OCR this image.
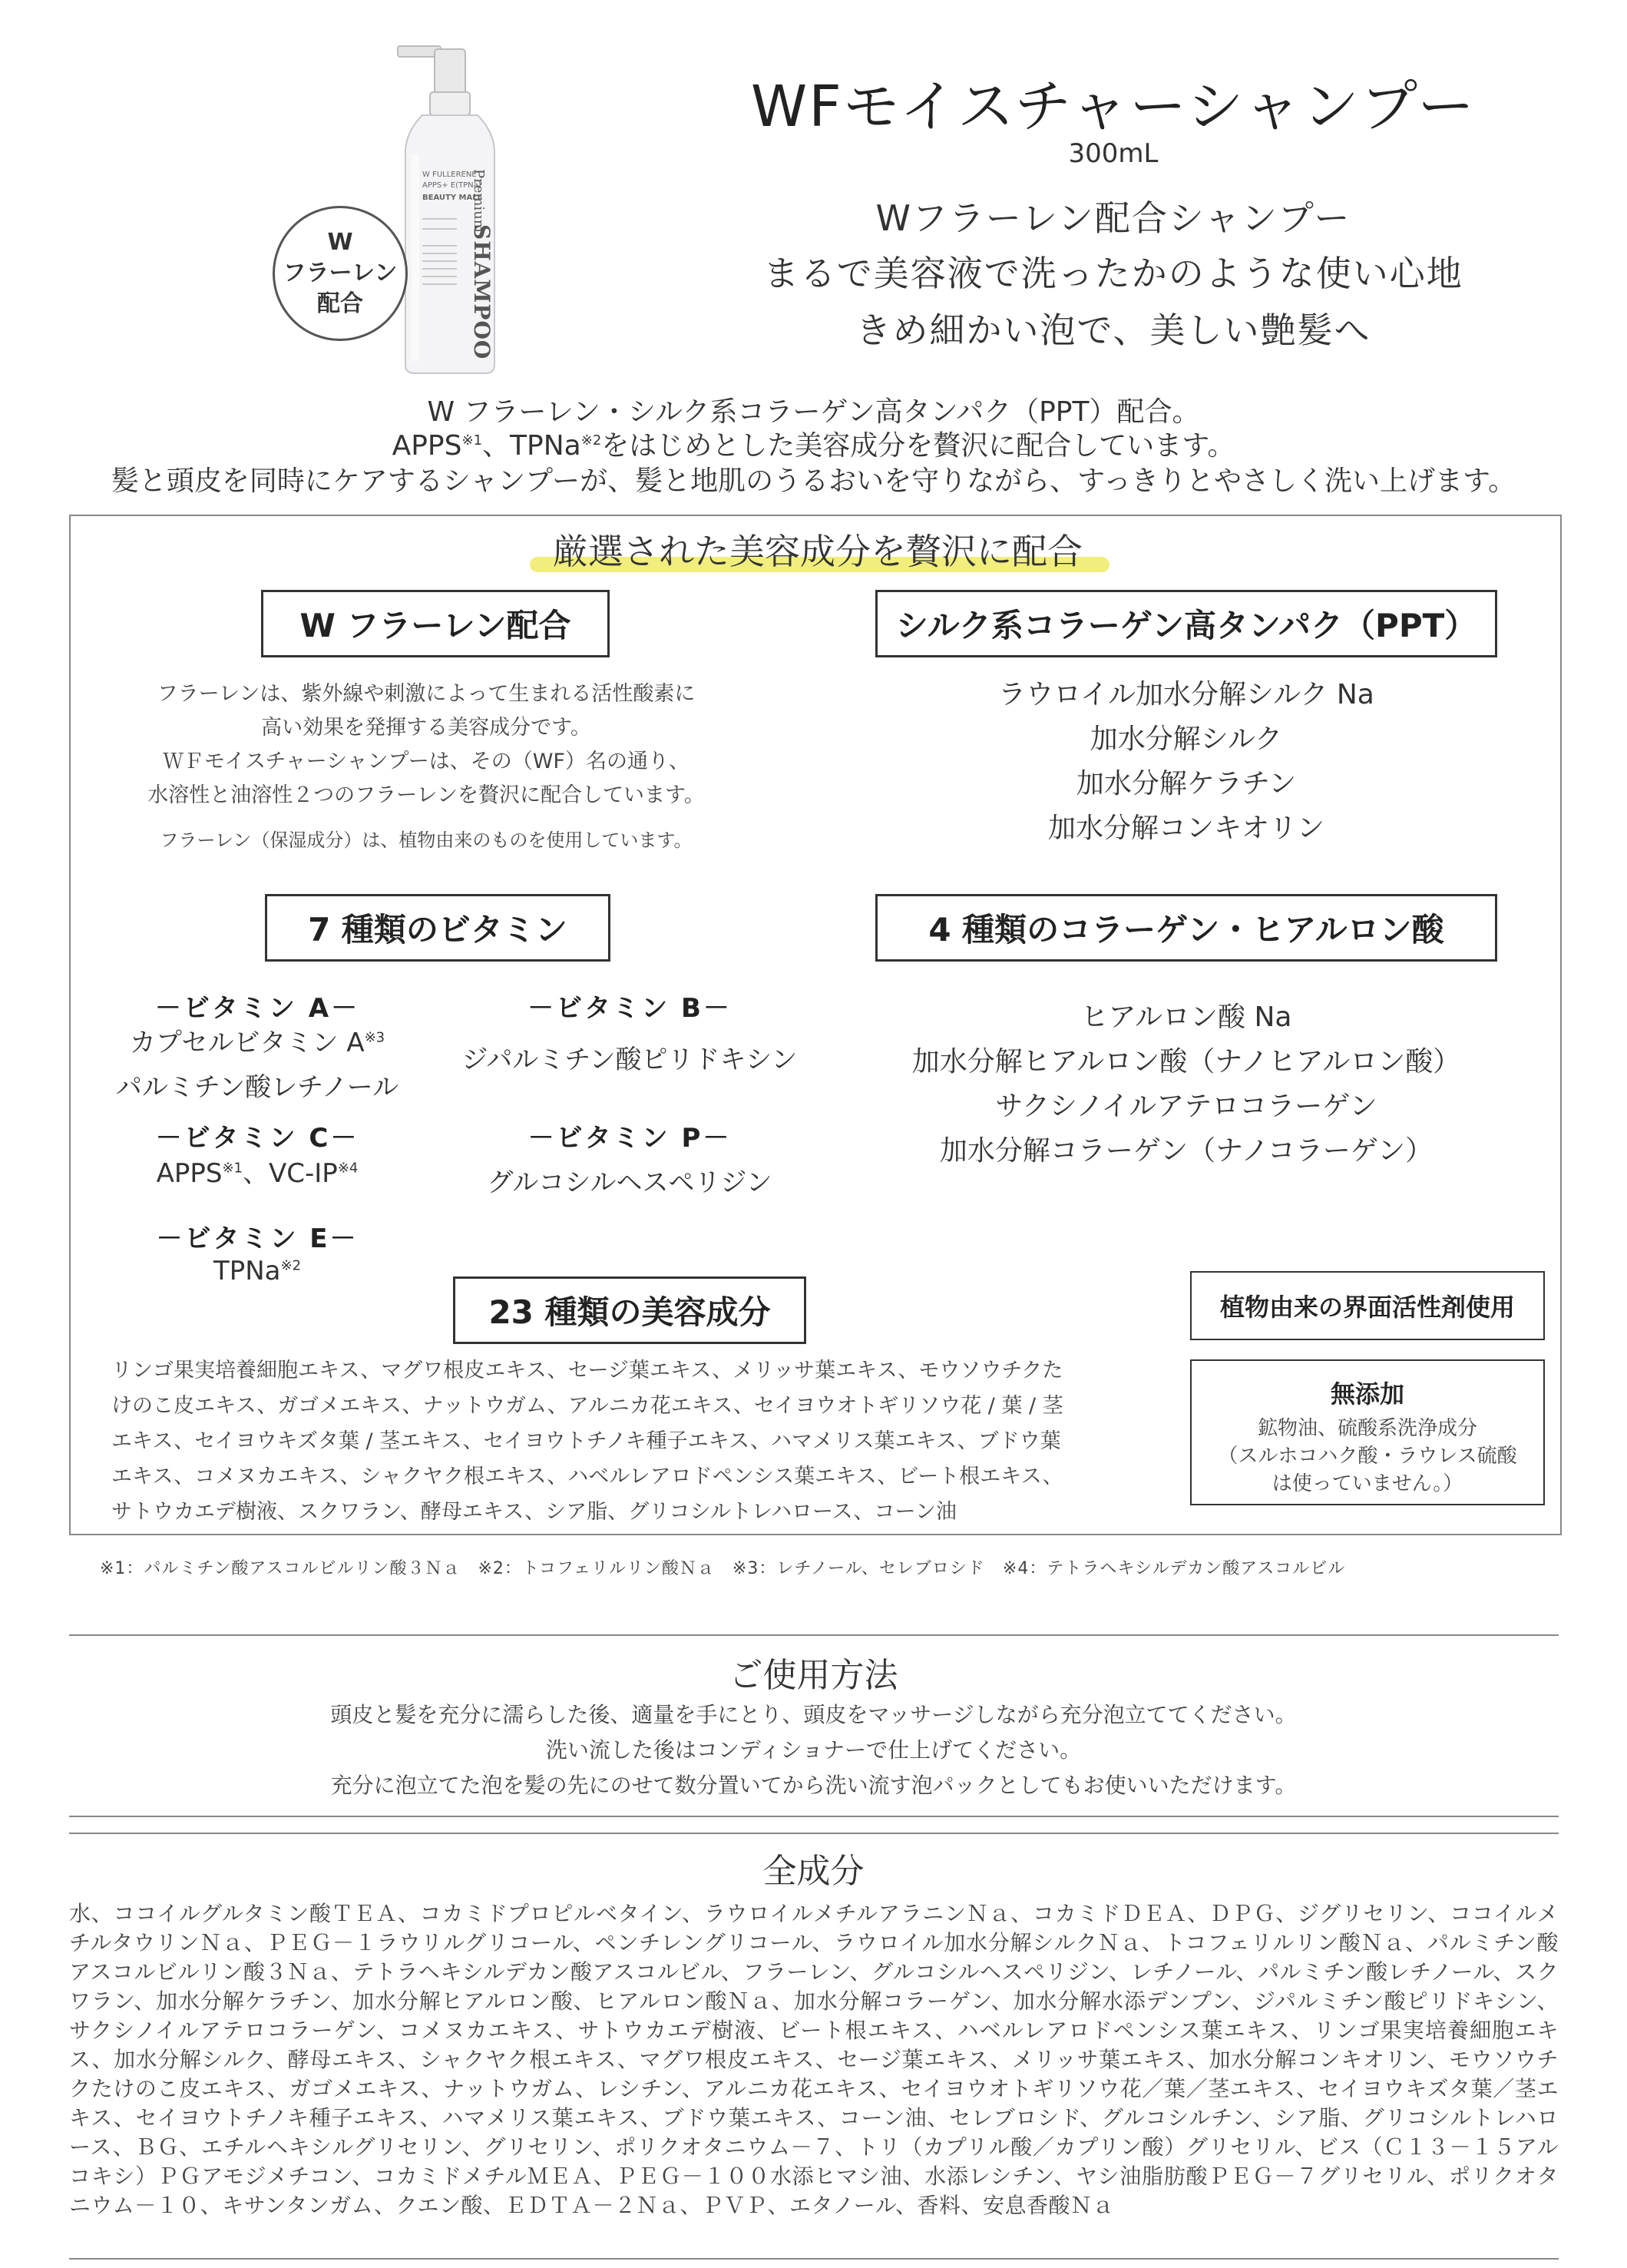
Premium
SHAMPOO
W FULLERENE
APPS+ E(TPNa)
BEAUTY MALL
W
フラーレン
配合
WFモイスチャーシャンプー
300mL
Wフラーレン配合シャンプー
まるで美容液で洗ったかのような使い心地
きめ細かい泡で、美しい艶髪へ
W フラーレン・シルク系コラーゲン高タンパク（PPT）配合。
APPS$^{※1}$、TPNa$^{※2}$をはじめとした美容成分を贅沢に配合しています。
髪と頭皮を同時にケアするシャンプーが、髪と地肌のうるおいを守りながら、すっきりとやさしく洗い上げます。
厳選された美容成分を贅沢に配合
W フラーレン配合
フラーレンは、紫外線や刺激によって生まれる活性酸素に
高い効果を発揮する美容成分です。
ＷＦモイスチャーシャンプーは、その（WF）名の通り、
水溶性と油溶性２つのフラーレンを贅沢に配合しています。
フラーレン（保湿成分）は、植物由来のものを使用しています。
シルク系コラーゲン高タンパク（PPT）
ラウロイル加水分解シルク Na
加水分解シルク
加水分解ケラチン
加水分解コンキオリン
7 種類のビタミン
－ビタミン A－
カプセルビタミン A$^{※3}$
パルミチン酸レチノール
－ビタミン B－
ジパルミチン酸ピリドキシン
－ビタミン C－
APPS$^{※1}$、VC-IP$^{※4}$
－ビタミン P－
グルコシルヘスペリジン
－ビタミン E－
TPNa$^{※2}$
4 種類のコラーゲン・ヒアルロン酸
ヒアルロン酸 Na
加水分解ヒアルロン酸（ナノヒアルロン酸）
サクシノイルアテロコラーゲン
加水分解コラーゲン（ナノコラーゲン）
23 種類の美容成分
リンゴ果実培養細胞エキス、マグワ根皮エキス、セージ葉エキス、メリッサ葉エキス、モウソウチクた
けのこ皮エキス、ガゴメエキス、ナットウガム、アルニカ花エキス、セイヨウオトギリソウ花 / 葉 / 茎
エキス、セイヨウキズタ葉 / 茎エキス、セイヨウトチノキ種子エキス、ハマメリス葉エキス、ブドウ葉
エキス、コメヌカエキス、シャクヤク根エキス、ハベルレアロドペンシス葉エキス、ビート根エキス、
サトウカエデ樹液、スクワラン、酵母エキス、シア脂、グリコシルトレハロース、コーン油
植物由来の界面活性剤使用
無添加
鉱物油、硫酸系洗浄成分
（スルホコハク酸・ラウレス硫酸
は使っていません。）
※1：パルミチン酸アスコルビルリン酸３Ｎａ　※2：トコフェリルリン酸Ｎａ　※3：レチノール、セレブロシド　※4：テトラヘキシルデカン酸アスコルビル
ご使用方法
頭皮と髪を充分に濡らした後、適量を手にとり、頭皮をマッサージしながら充分泡立ててください。
洗い流した後はコンディショナーで仕上げてください。
充分に泡立てた泡を髪の先にのせて数分置いてから洗い流す泡パックとしてもお使いいただけます。
全成分
水、ココイルグルタミン酸ＴＥＡ、コカミドプロピルベタイン、ラウロイルメチルアラニンＮａ、コカミドＤＥＡ、ＤＰＧ、ジグリセリン、ココイルメチルタウリンＮａ、ＰＥＧ－１ラウリルグリコール、ペンチレングリコール、ラウロイル加水分解シルクＮａ、トコフェリルリン酸Ｎａ、パルミチン酸アスコルビルリン酸３Ｎａ、テトラヘキシルデカン酸アスコルビル、フラーレン、グルコシルヘスペリジン、レチノール、パルミチン酸レチノール、スクワラン、加水分解ケラチン、加水分解ヒアルロン酸、ヒアルロン酸Ｎａ、加水分解コラーゲン、加水分解水添デンプン、ジパルミチン酸ピリドキシン、サクシノイルアテロコラーゲン、コメヌカエキス、サトウカエデ樹液、ビート根エキス、ハベルレアロドペンシス葉エキス、リンゴ果実培養細胞エキス、加水分解シルク、酵母エキス、シャクヤク根エキス、マグワ根皮エキス、セージ葉エキス、メリッサ葉エキス、加水分解コンキオリン、モウソウチクたけのこ皮エキス、ガゴメエキス、ナットウガム、レシチン、アルニカ花エキス、セイヨウオトギリソウ花／葉／茎エキス、セイヨウキズタ葉／茎エキス、セイヨウトチノキ種子エキス、ハマメリス葉エキス、ブドウ葉エキス、コーン油、セレブロシド、グルコシルチン、シア脂、グリコシルトレハロース、ＢＧ、エチルヘキシルグリセリン、グリセリン、ポリクオタニウム－７、トリ（カプリル酸／カプリン酸）グリセリル、ビス（Ｃ１３－１５アルコキシ）ＰＧアモジメチコン、コカミドメチルＭＥＡ、ＰＥＧ－１００水添ヒマシ油、水添レシチン、ヤシ油脂肪酸ＰＥＧ－７グリセリル、ポリクオタニウム－１０、キサンタンガム、クエン酸、ＥＤＴＡ－２Ｎａ、ＰＶＰ、エタノール、香料、安息香酸Ｎａ
